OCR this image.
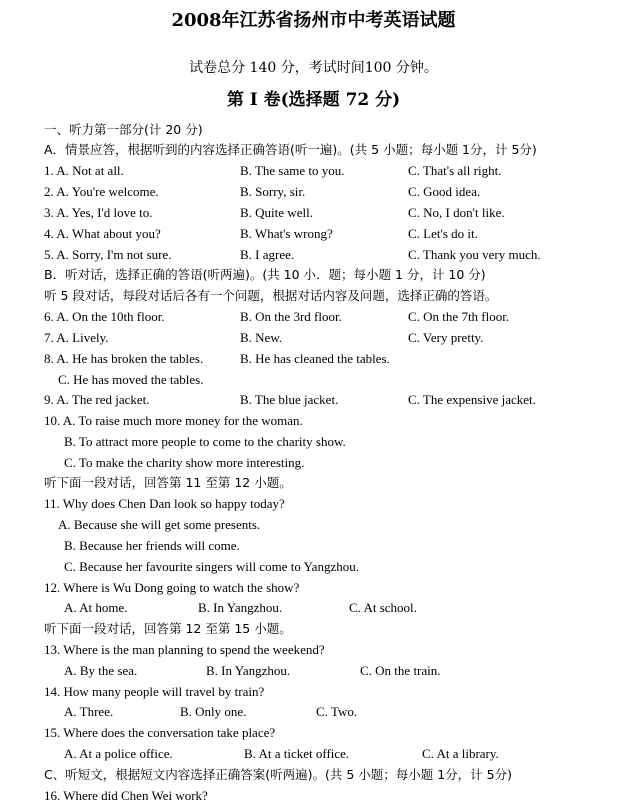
2008年江苏省扬州市中考英语试题
试卷总分 140 分，考试时间100 分钟。
第 I 卷(选择题 72 分)
一、听力第一部分(计 20 分)
A．情景应答，根据听到的内容选择正确答语(听一遍)。(共 5 小题；每小题 1分，计 5分)
1. A. Not at all.	B. The same to you.	C. That's all right.
2. A. You're welcome.	B. Sorry, sir.	C. Good idea.
3. A. Yes, I'd love to.	B. Quite well.	C. No, I don't like.
4. A. What about you?	B. What's wrong?	C. Let's do it.
5. A. Sorry, I'm not sure.	B. I agree.	C. Thank you very much.
B．听对话，选择正确的答语(听两遍)。(共 10 小．题；每小题 1 分，计 10 分)
听 5 段对话，每段对话后各有一个问题，根据对话内容及问题，选择正确的答语。
6. A. On the 10th floor.	B. On the 3rd floor.	C. On the 7th floor.
7. A. Lively.	B. New.	C. Very pretty.
8. A. He has broken the tables.	B. He has cleaned the tables.
C. He has moved the tables.
9. A. The red jacket.	B. The blue jacket.	C. The expensive jacket.
10. A. To raise much more money for the woman.
B. To attract more people to come to the charity show.
C. To make the charity show more interesting.
听下面一段对话，回答第 11 至第 12 小题。
11. Why does Chen Dan look so happy today?
A. Because she will get some presents.
B. Because her friends will come.
C. Because her favourite singers will come to Yangzhou.
12. Where is Wu Dong going to watch the show?
A. At home.	B. In Yangzhou.	C. At school.
听下面一段对话，回答第 12 至第 15 小题。
13. Where is the man planning to spend the weekend?
A. By the sea.	B. In Yangzhou.	C. On the train.
14. How many people will travel by train?
A. Three.	B. Only one.	C. Two.
15. Where does the conversation take place?
A. At a police office.	B. At a ticket office.	C. At a library.
C、听短文，根据短文内容选择正确答案(听两遍)。(共 5 小题；每小题 1分，计 5分)
16. Where did Chen Wei work?
